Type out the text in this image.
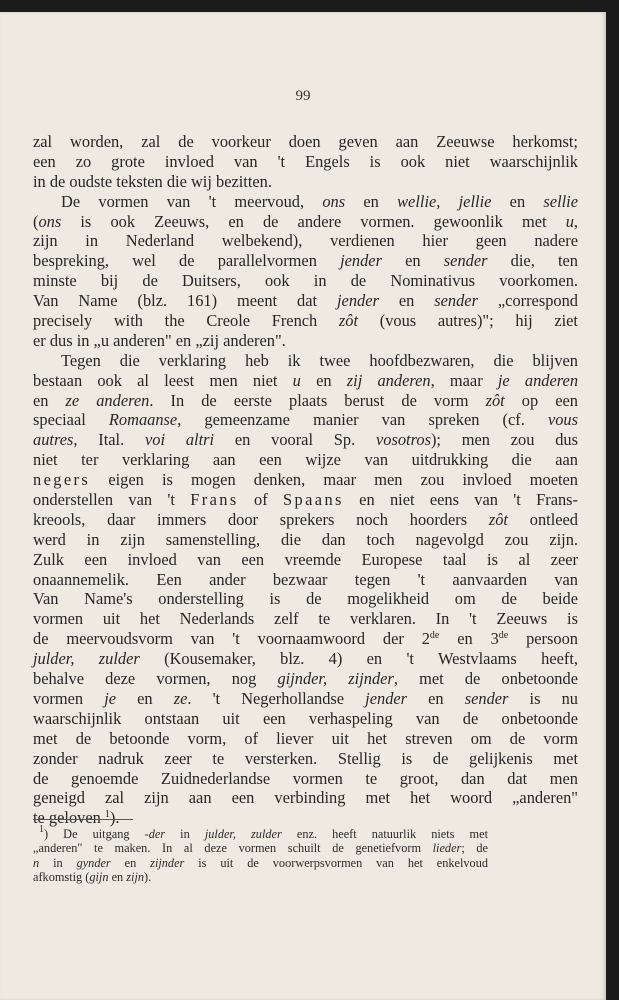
99
zal worden, zal de voorkeur doen geven aan Zeeuwse herkomst;
een zo grote invloed van 't Engels is ook niet waarschijnlik
in de oudste teksten die wij bezitten.
De vormen van 't meervoud, ons en wellie, jellie en sellie
(ons is ook Zeeuws, en de andere vormen. gewoonlik met u,
zijn in Nederland welbekend), verdienen hier geen nadere
bespreking, wel de parallelvormen jender en sender die, ten
minste bij de Duitsers, ook in de Nominativus voorkomen.
Van Name (blz. 161) meent dat jender en sender „correspond
precisely with the Creole French zôt (vous autres)"; hij ziet
er dus in „u anderen" en „zij anderen".
Tegen die verklaring heb ik twee hoofdbezwaren, die blijven
bestaan ook al leest men niet u en zij anderen, maar je anderen
en ze anderen. In de eerste plaats berust de vorm zôt op een
speciaal Romaanse, gemeenzame manier van spreken (cf. vous
autres, Ital. voi altri en vooral Sp. vosotros); men zou dus
niet ter verklaring aan een wijze van uitdrukking die aan
negers eigen is mogen denken, maar men zou invloed moeten
onderstellen van 't Frans of Spaans en niet eens van 't Frans-
kreools, daar immers door sprekers noch hoorders zôt ontleed
werd in zijn samenstelling, die dan toch nagevolgd zou zijn.
Zulk een invloed van een vreemde Europese taal is al zeer
onaannemelik. Een ander bezwaar tegen 't aanvaarden van
Van Name's onderstelling is de mogelikheid om de beide
vormen uit het Nederlands zelf te verklaren. In 't Zeeuws is
de meervoudsvorm van 't voornaamwoord der 2de en 3de persoon
julder, zulder (Kousemaker, blz. 4) en 't Westvlaams heeft,
behalve deze vormen, nog gijnder, zijnder, met de onbetoonde
vormen je en ze. 't Negerhollandse jender en sender is nu
waarschijnlik ontstaan uit een verhaspeling van de onbetoonde
met de betoonde vorm, of liever uit het streven om de vorm
zonder nadruk zeer te versterken. Stellig is de gelijkenis met
de genoemde Zuidnederlandse vormen te groot, dan dat men
geneigd zal zijn aan een verbinding met het woord „anderen"
te geloven $^1$).
$^1$) De uitgang -der in julder, zulder enz. heeft natuurlik niets met
„anderen" te maken. In al deze vormen schuilt de genetiefvorm lieder; de
n in gynder en zijnder is uit de voorwerpsvormen van het enkelvoud
afkomstig (gijn en zijn).
